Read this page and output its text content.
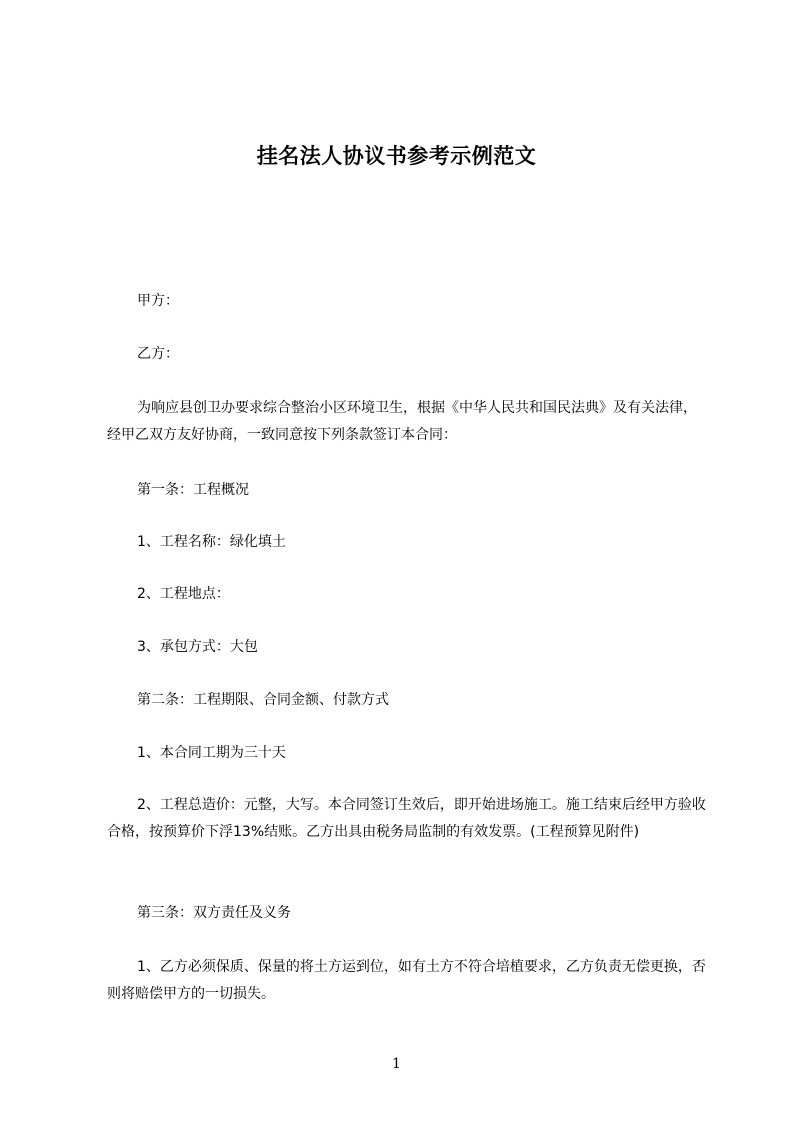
挂名法人协议书参考示例范文
甲方：
乙方：
为响应县创卫办要求综合整治小区环境卫生，根据《中华人民共和国民法典》及有关法律，经甲乙双方友好协商，一致同意按下列条款签订本合同：
第一条：工程概况
1、工程名称：绿化填土
2、工程地点：
3、承包方式：大包
第二条：工程期限、合同金额、付款方式
1、本合同工期为三十天
2、工程总造价：元整，大写。本合同签订生效后，即开始进场施工。施工结束后经甲方验收合格，按预算价下浮13%结账。乙方出具由税务局监制的有效发票。(工程预算见附件)
第三条：双方责任及义务
1、乙方必须保质、保量的将土方运到位，如有土方不符合培植要求，乙方负责无偿更换，否则将赔偿甲方的一切损失。
1
